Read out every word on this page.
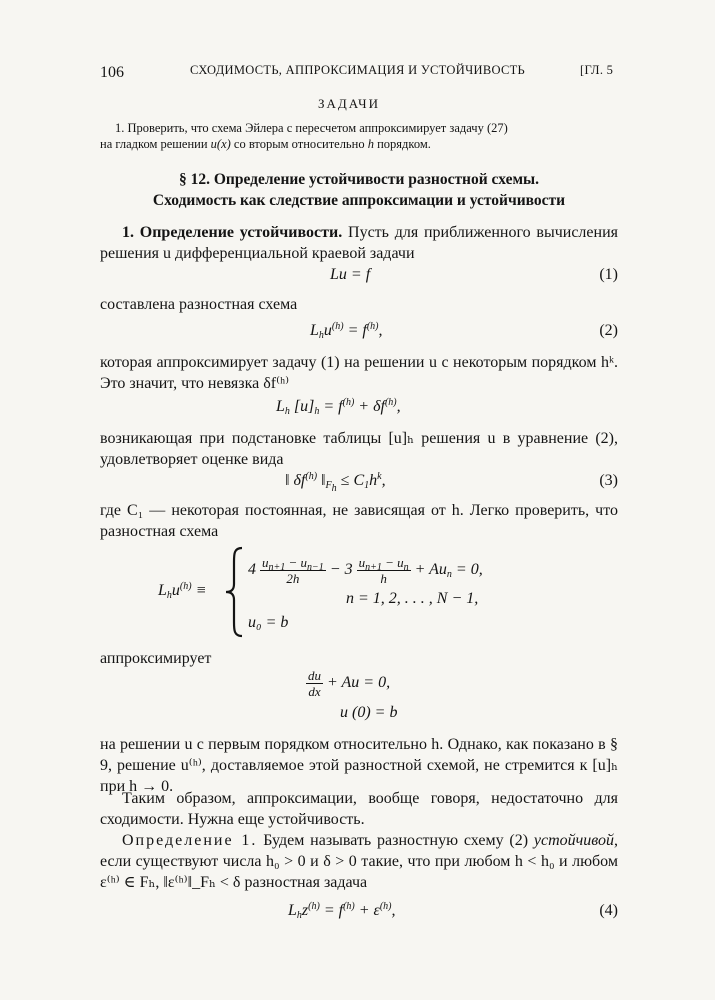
106	СХОДИМОСТЬ, АППРОКСИМАЦИЯ И УСТОЙЧИВОСТЬ	[ГЛ. 5
ЗАДАЧИ
1. Проверить, что схема Эйлера с пересчетом аппроксимирует задачу (27)
на гладком решении u(x) со вторым относительно h порядком.
§ 12. Определение устойчивости разностной схемы.
Сходимость как следствие аппроксимации и устойчивости
1. Определение устойчивости. Пусть для приближенного вычисления решения u дифференциальной краевой задачи
Lu = f	(1)
составлена разностная схема
$L_hu^{(h)} = f^{(h)}$,	(2)
которая аппроксимирует задачу (1) на решении u с некоторым порядком hᵏ. Это значит, что невязка δf⁽ʰ⁾
$L_h$ $[u]_h = f^{(h)} + \delta f^{(h)}$,
возникающая при подстановке таблицы [u]ₕ решения u в уравнение (2), удовлетворяет оценке вида
‖ $\delta f^{(h)}$ $‖_{F_h} \le C_1h^k$,	(3)
где C₁ — некоторая постоянная, не зависящая от h. Легко проверить, что разностная схема
$L_hu^{(h)}$ ≡
$4 \frac{u_{n+1} - u_{n-1}}{2h} - 3 \frac{u_{n+1} - u_n}{h} + Au_n = 0$,
n = 1, 2, . . . , N − 1,
u₀ = b
аппроксимирует
$\frac{du}{dx} + Au = 0$,
u (0) = b
на решении u с первым порядком относительно h. Однако, как показано в § 9, решение u⁽ʰ⁾, доставляемое этой разностной схемой, не стремится к [u]ₕ при h → 0.
Таким образом, аппроксимации, вообще говоря, недостаточно для сходимости. Нужна еще устойчивость.
Определение 1. Будем называть разностную схему (2) устойчивой, если существуют числа h₀ > 0 и δ > 0 такие, что при любом h < h₀ и любом ε⁽ʰ⁾ ∈ Fₕ, ‖ε⁽ʰ⁾‖_Fₕ < δ разностная задача
$L_hz^{(h)} = f^{(h)} + \varepsilon^{(h)}$,	(4)
